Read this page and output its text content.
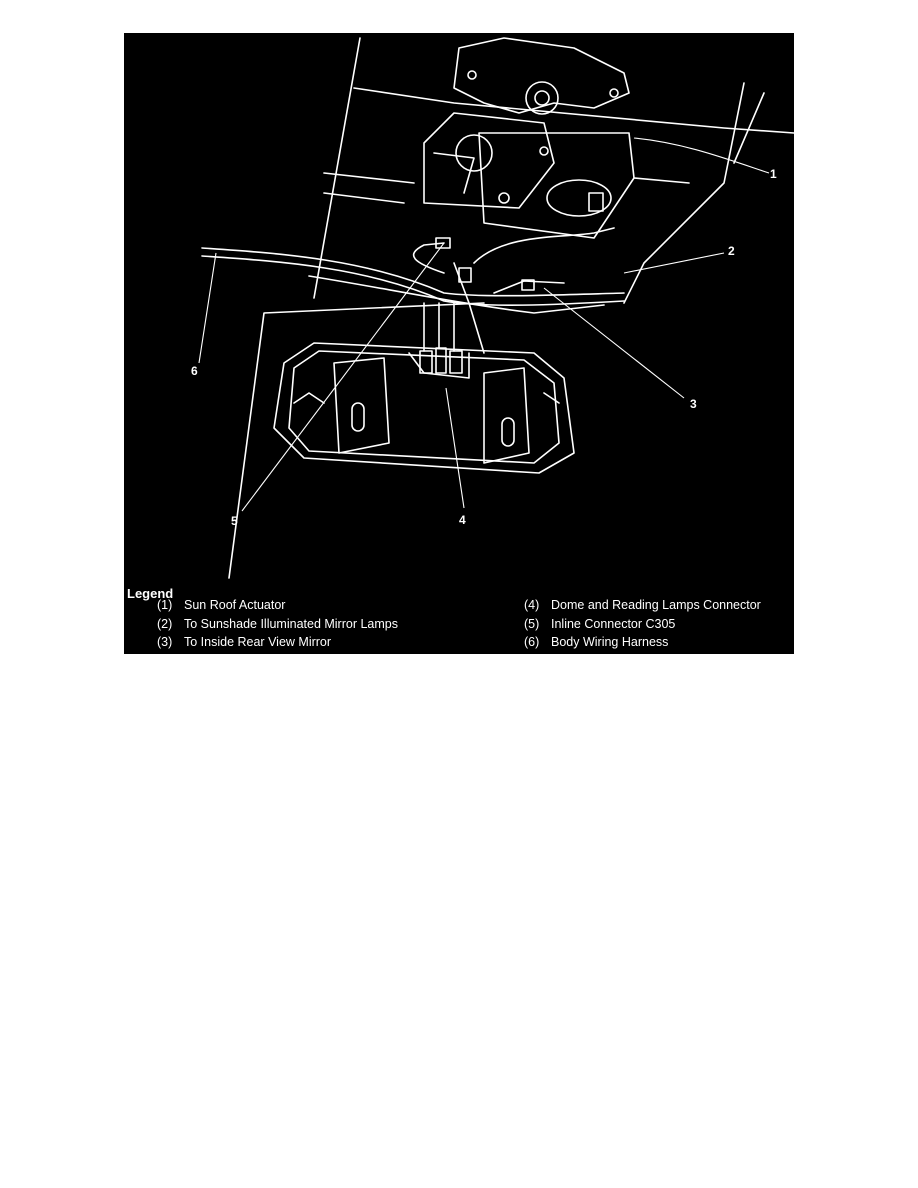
1
2
3
4
5
6
Legend
(1) Sun Roof Actuator
(2) To Sunshade Illuminated Mirror Lamps
(3) To Inside Rear View Mirror
(4) Dome and Reading Lamps Connector
(5) Inline Connector C305
(6) Body Wiring Harness
